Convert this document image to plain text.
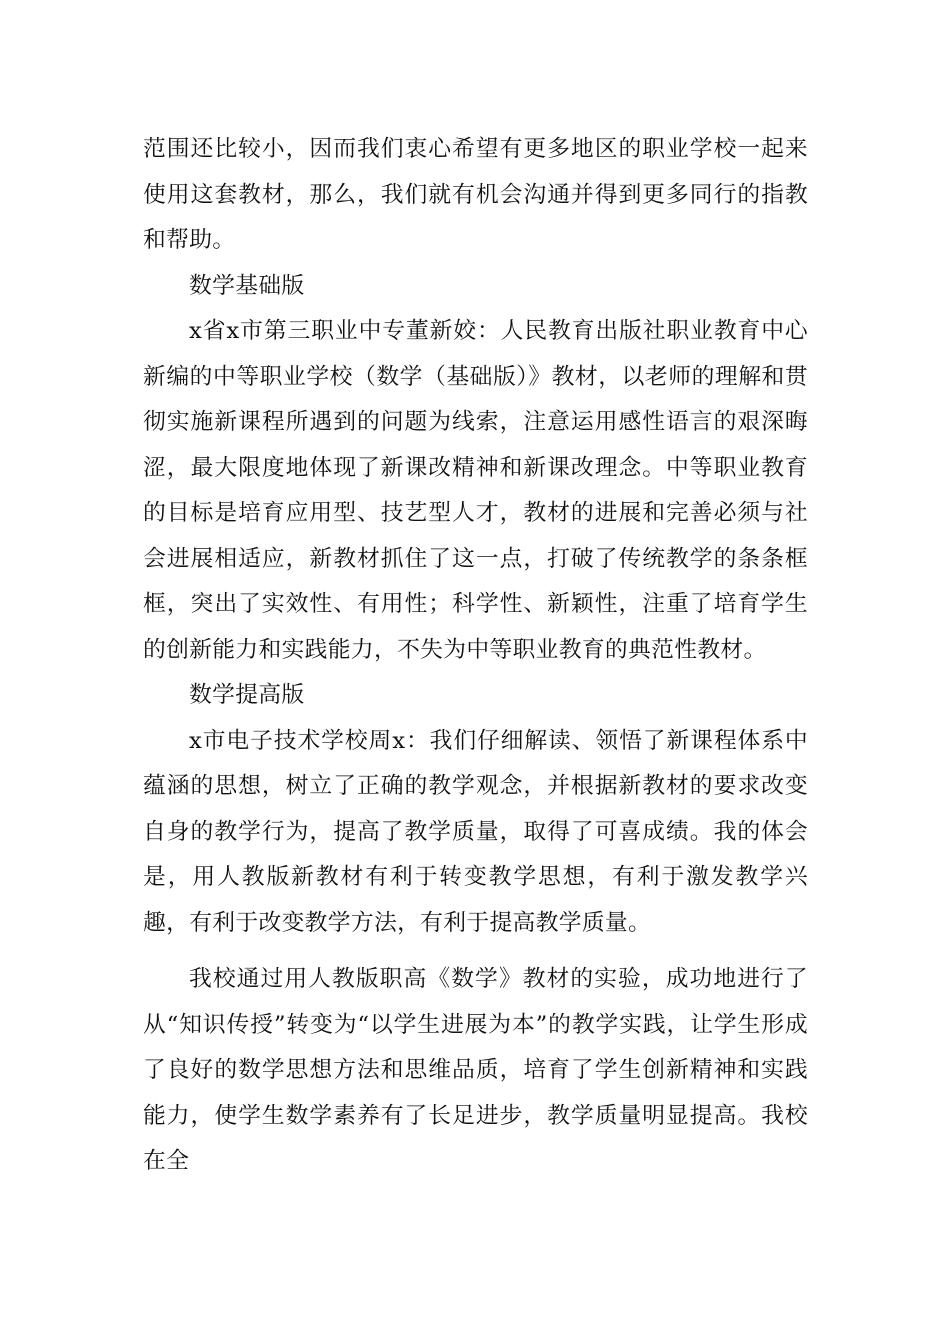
范围还比较小，因而我们衷心希望有更多地区的职业学校一起来使用这套教材，那么，我们就有机会沟通并得到更多同行的指教和帮助。

数学基础版

x省x市第三职业中专董新姣：人民教育出版社职业教育中心新编的中等职业学校（数学（基础版）》教材，以老师的理解和贯彻实施新课程所遇到的问题为线索，注意运用感性语言的艰深晦涩，最大限度地体现了新课改精神和新课改理念。中等职业教育的目标是培育应用型、技艺型人才，教材的进展和完善必须与社会进展相适应，新教材抓住了这一点，打破了传统教学的条条框框，突出了实效性、有用性；科学性、新颖性，注重了培育学生的创新能力和实践能力，不失为中等职业教育的典范性教材。

数学提高版

x市电子技术学校周x：我们仔细解读、领悟了新课程体系中蕴涵的思想，树立了正确的教学观念，并根据新教材的要求改变自身的教学行为，提高了教学质量，取得了可喜成绩。我的体会是，用人教版新教材有利于转变教学思想，有利于激发教学兴趣，有利于改变教学方法，有利于提高教学质量。

我校通过用人教版职高《数学》教材的实验，成功地进行了从“知识传授”转变为“以学生进展为本”的教学实践，让学生形成了良好的数学思想方法和思维品质，培育了学生创新精神和实践能力，使学生数学素养有了长足进步，教学质量明显提高。我校在全
